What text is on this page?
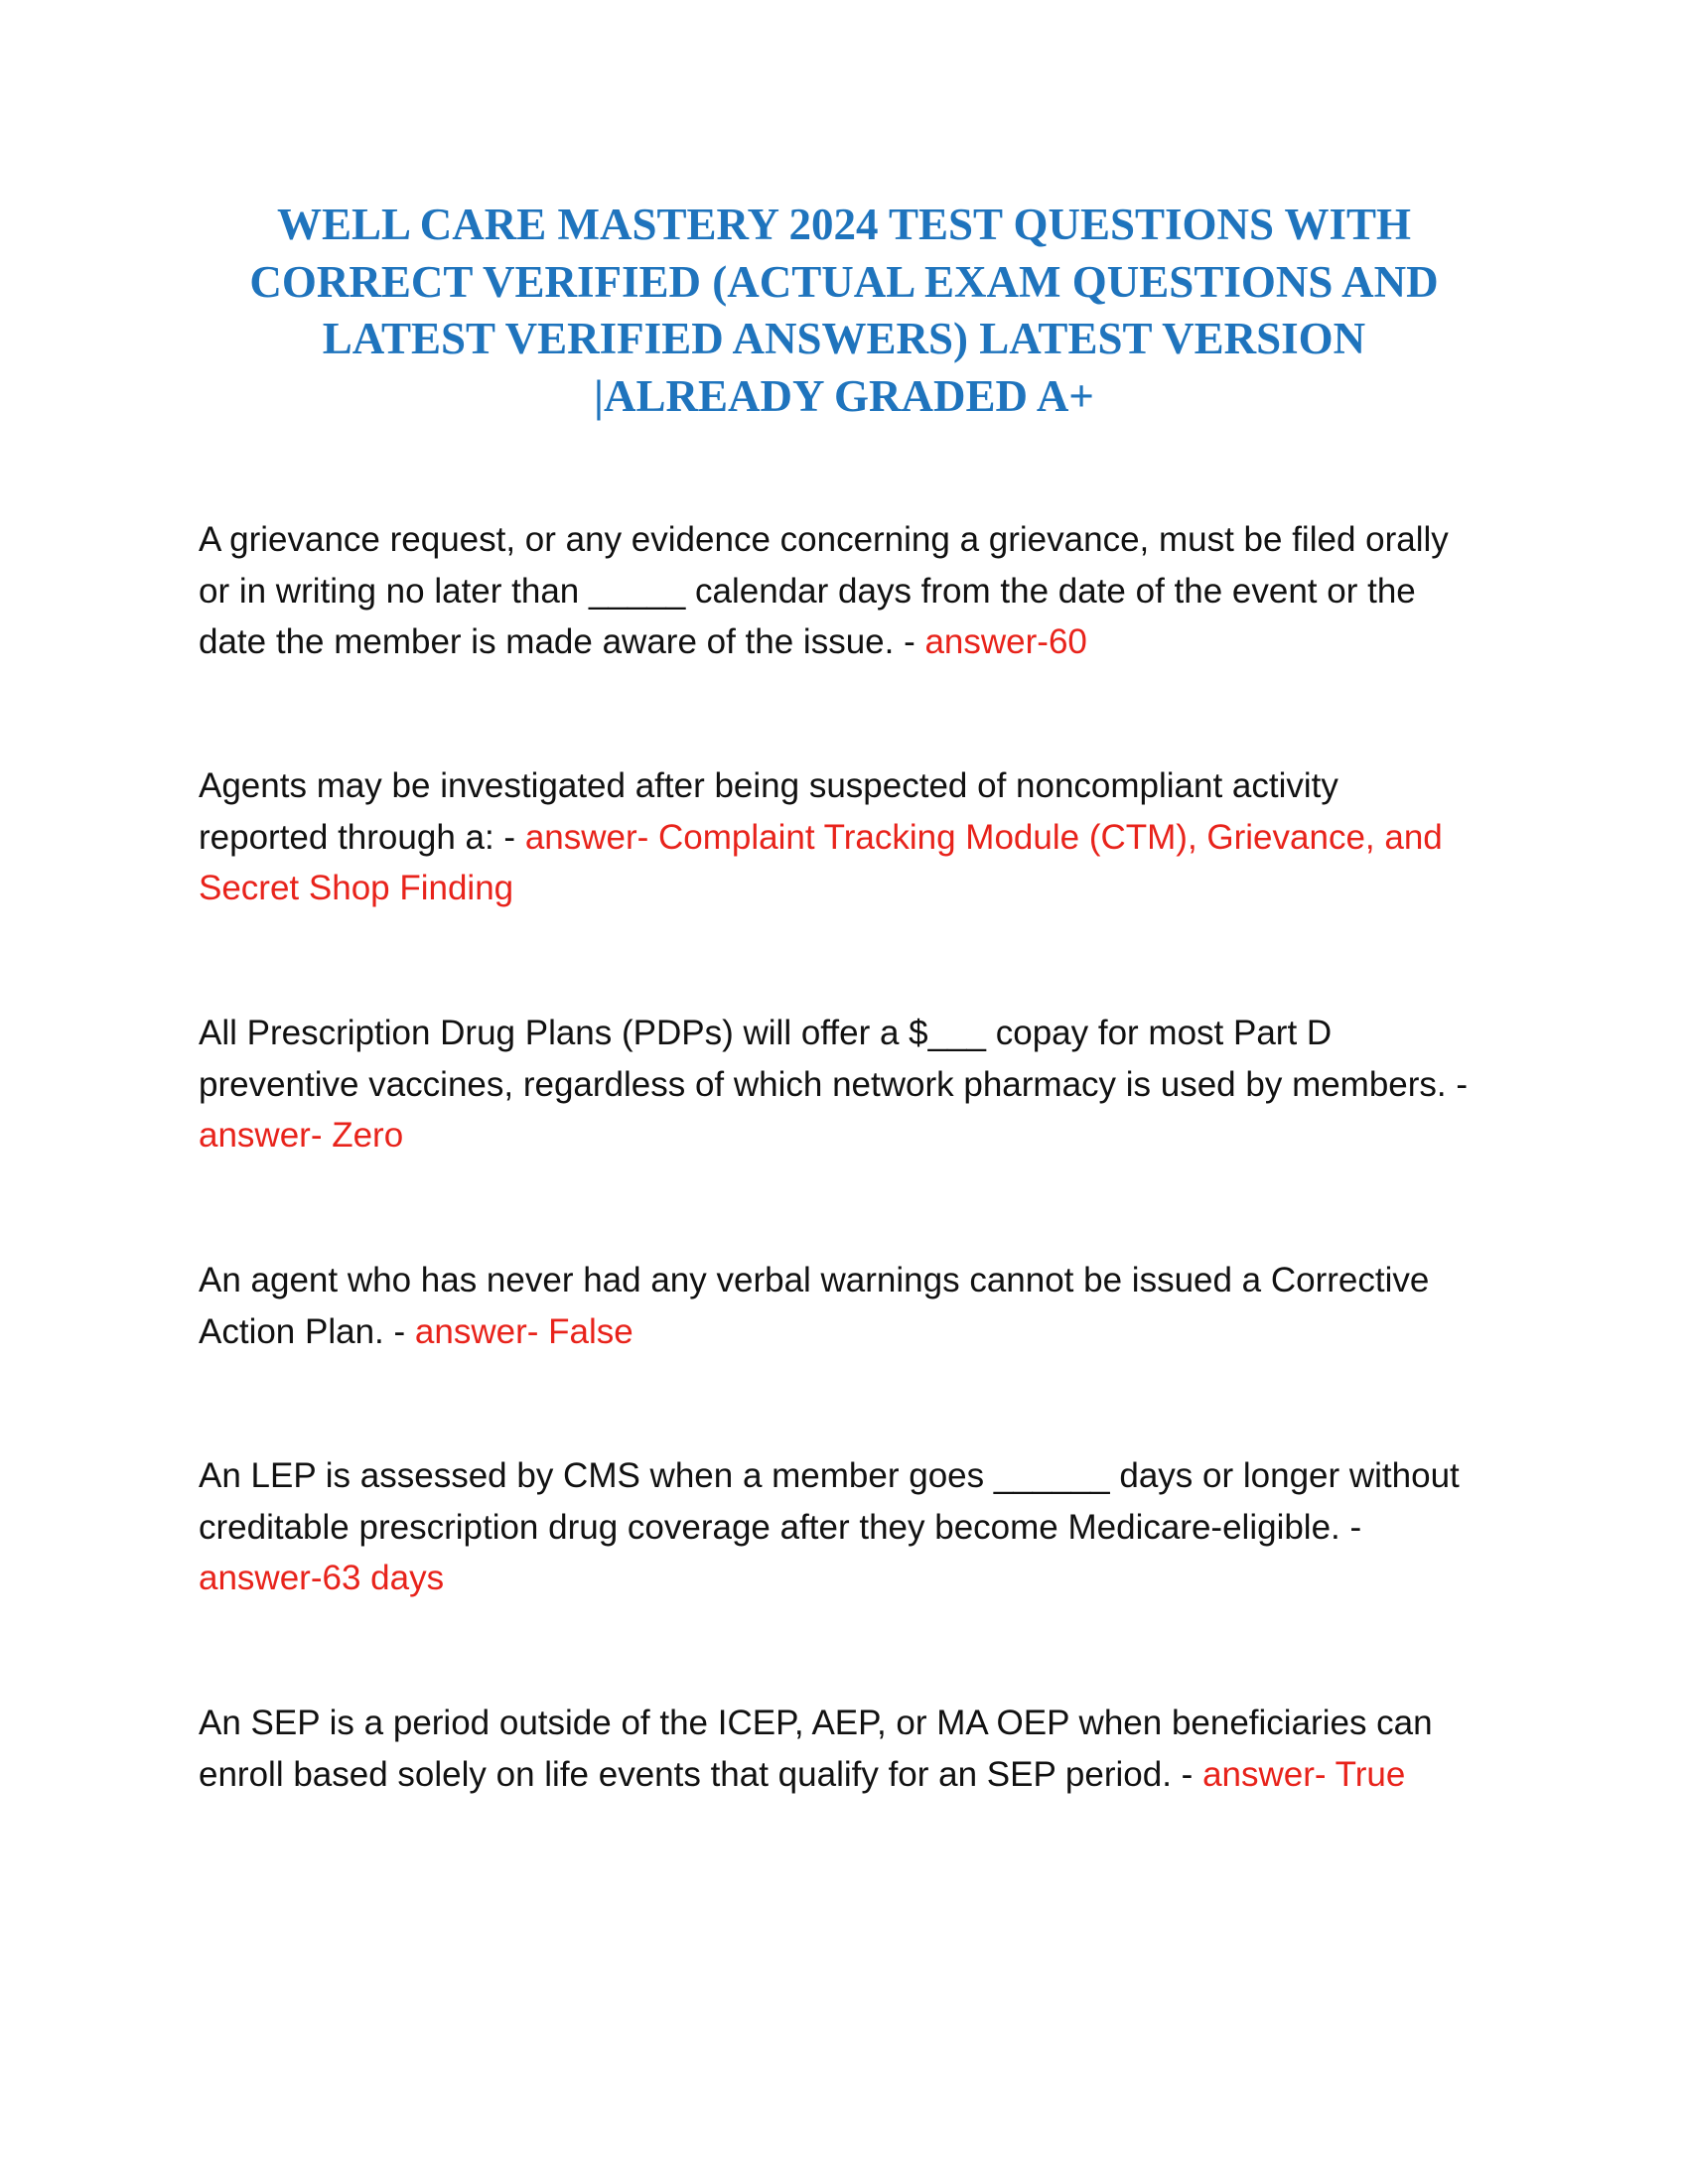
WELL CARE MASTERY 2024 TEST QUESTIONS WITH
CORRECT VERIFIED (ACTUAL EXAM QUESTIONS AND
LATEST VERIFIED ANSWERS) LATEST VERSION
|ALREADY GRADED A+
A grievance request, or any evidence concerning a grievance, must be filed orally
or in writing no later than _____ calendar days from the date of the event or the
date the member is made aware of the issue. - answer-60
Agents may be investigated after being suspected of noncompliant activity
reported through a: - answer- Complaint Tracking Module (CTM), Grievance, and
Secret Shop Finding
All Prescription Drug Plans (PDPs) will offer a $___ copay for most Part D
preventive vaccines, regardless of which network pharmacy is used by members. -
answer- Zero
An agent who has never had any verbal warnings cannot be issued a Corrective
Action Plan. - answer- False
An LEP is assessed by CMS when a member goes ______ days or longer without
creditable prescription drug coverage after they become Medicare-eligible. -
answer-63 days
An SEP is a period outside of the ICEP, AEP, or MA OEP when beneficiaries can
enroll based solely on life events that qualify for an SEP period. - answer- True
